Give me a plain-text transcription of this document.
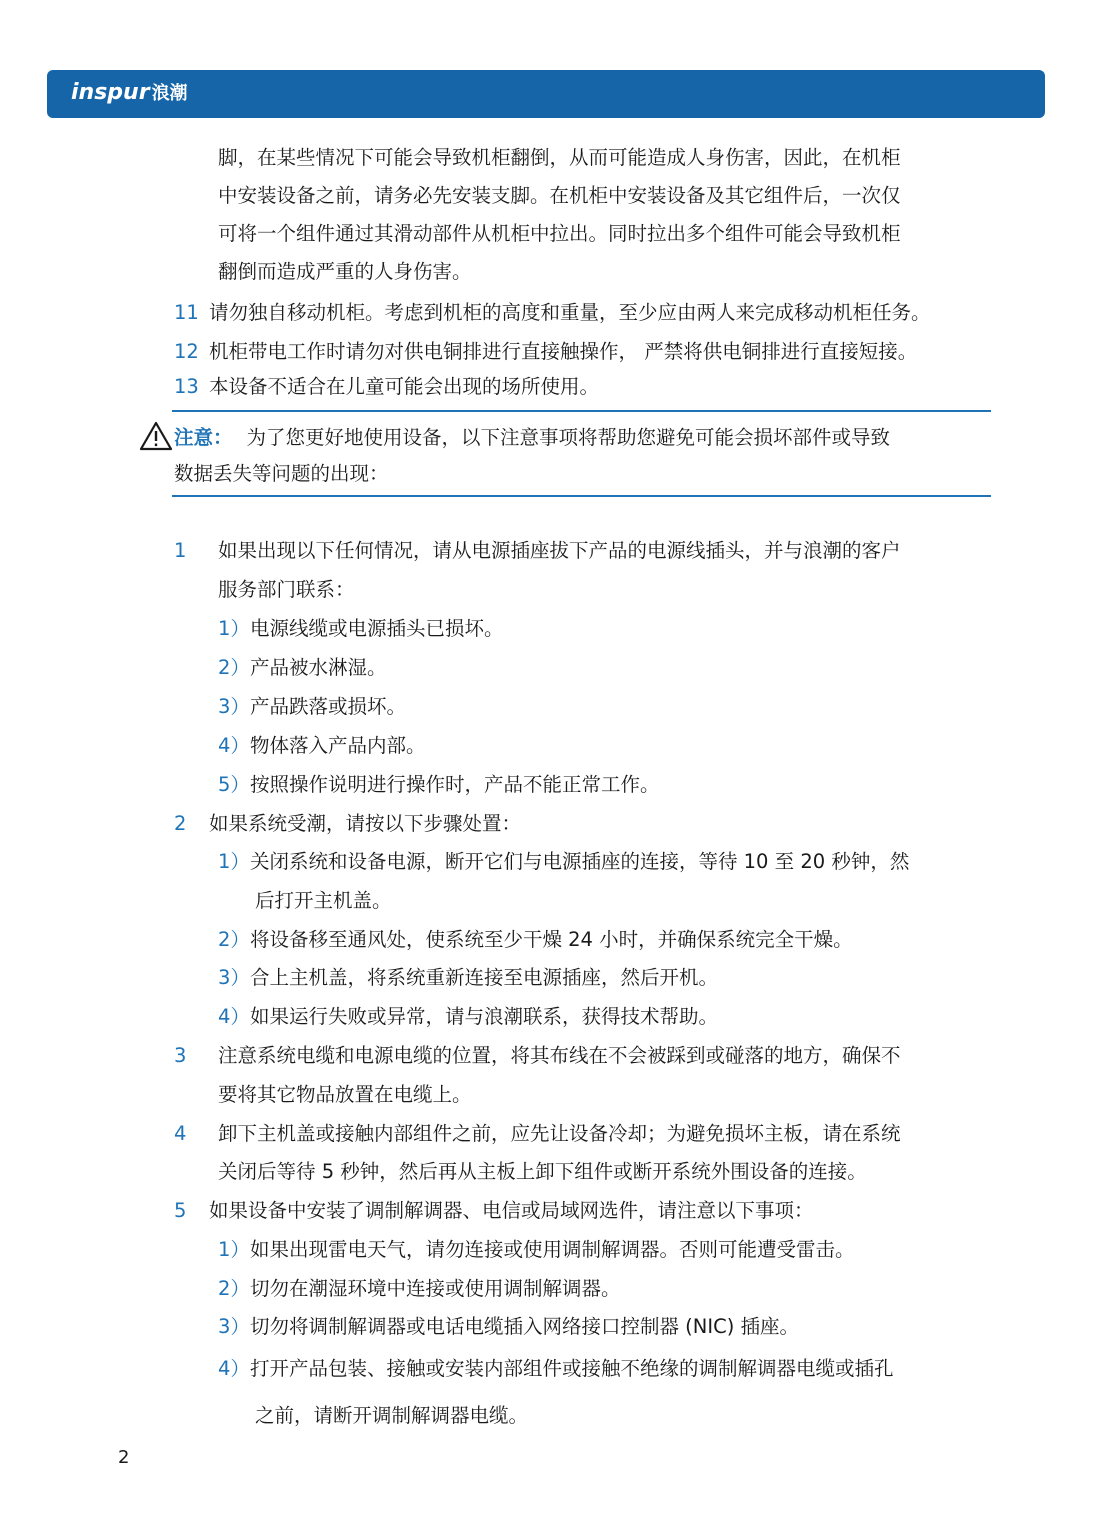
inspur 浪潮
脚，在某些情况下可能会导致机柜翻倒，从而可能造成人身伤害，因此，在机柜
中安装设备之前，请务必先安装支脚。在机柜中安装设备及其它组件后，一次仅
可将一个组件通过其滑动部件从机柜中拉出。同时拉出多个组件可能会导致机柜
翻倒而造成严重的人身伤害。
11 请勿独自移动机柜。考虑到机柜的高度和重量，至少应由两人来完成移动机柜任务。
12 机柜带电工作时请勿对供电铜排进行直接触操作， 严禁将供电铜排进行直接短接。
13 本设备不适合在儿童可能会出现的场所使用。
注意： 为了您更好地使用设备，以下注意事项将帮助您避免可能会损坏部件或导致
数据丢失等问题的出现：
1 如果出现以下任何情况，请从电源插座拔下产品的电源线插头，并与浪潮的客户
服务部门联系：
1）电源线缆或电源插头已损坏。
2）产品被水淋湿。
3）产品跌落或损坏。
4）物体落入产品内部。
5）按照操作说明进行操作时，产品不能正常工作。
2 如果系统受潮，请按以下步骤处置：
1）关闭系统和设备电源，断开它们与电源插座的连接，等待 10 至 20 秒钟，然
后打开主机盖。
2）将设备移至通风处，使系统至少干燥 24 小时，并确保系统完全干燥。
3）合上主机盖，将系统重新连接至电源插座，然后开机。
4）如果运行失败或异常，请与浪潮联系，获得技术帮助。
3 注意系统电缆和电源电缆的位置，将其布线在不会被踩到或碰落的地方，确保不
要将其它物品放置在电缆上。
4 卸下主机盖或接触内部组件之前，应先让设备冷却；为避免损坏主板，请在系统
关闭后等待 5 秒钟，然后再从主板上卸下组件或断开系统外围设备的连接。
5 如果设备中安装了调制解调器、电信或局域网选件，请注意以下事项：
1）如果出现雷电天气，请勿连接或使用调制解调器。否则可能遭受雷击。
2）切勿在潮湿环境中连接或使用调制解调器。
3）切勿将调制解调器或电话电缆插入网络接口控制器 (NIC) 插座。
4）打开产品包装、接触或安装内部组件或接触不绝缘的调制解调器电缆或插孔
之前，请断开调制解调器电缆。
2
